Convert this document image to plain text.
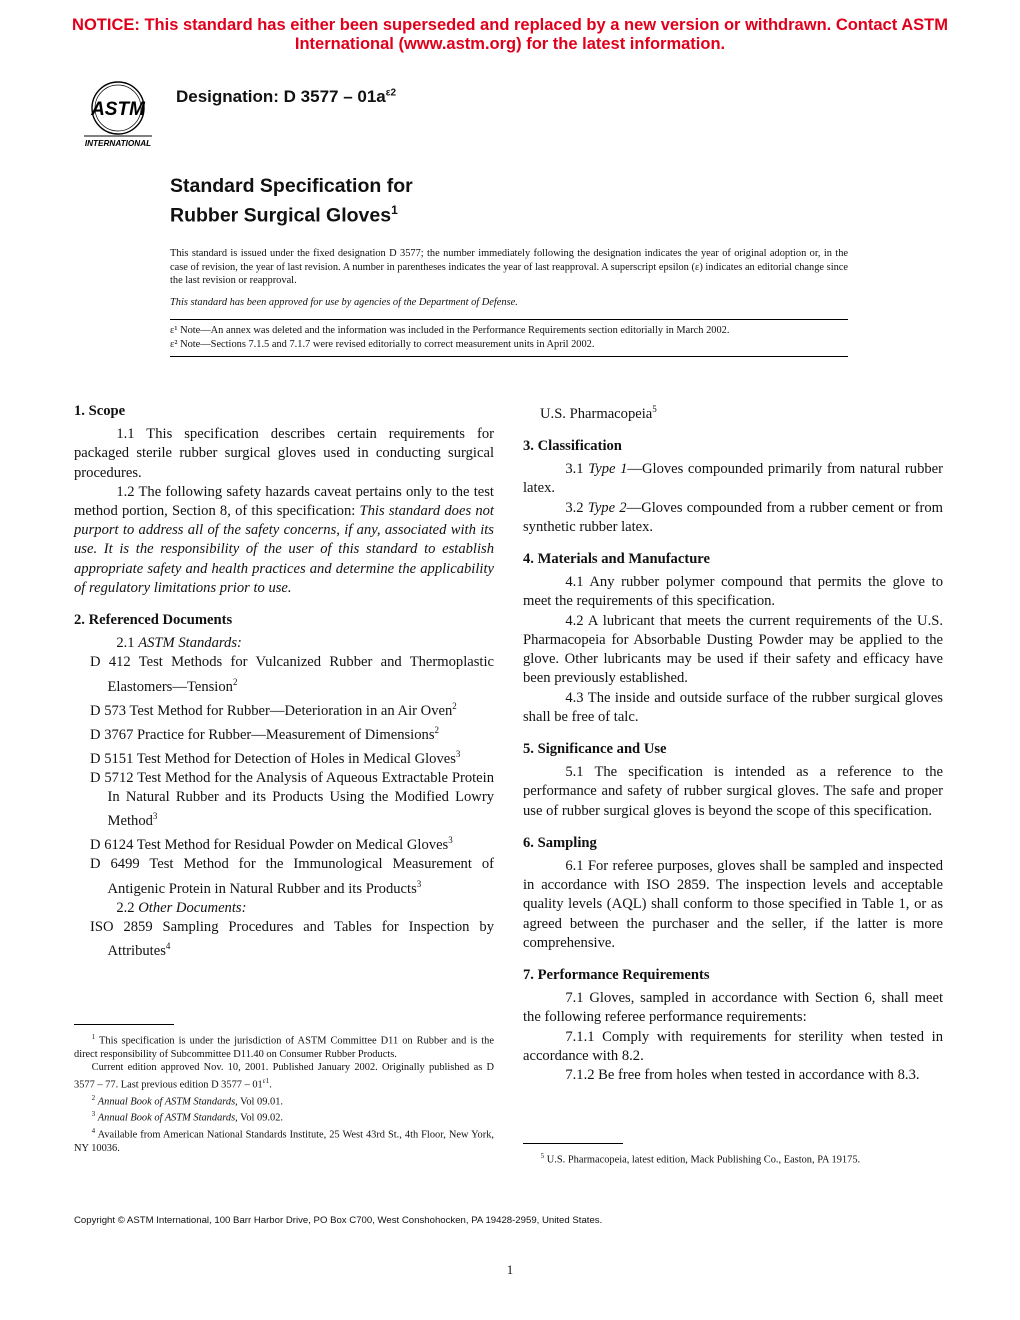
NOTICE: This standard has either been superseded and replaced by a new version or withdrawn. Contact ASTM
International (www.astm.org) for the latest information.
ASTM
INTERNATIONAL
Designation: D $3577 - 01a^{\varepsilon 2}$
Standard Specification for
Rubber Surgical Gloves$^1$

This standard is issued under the fixed designation D 3577; the number immediately following the designation indicates the year of original adoption or, in the case of revision, the year of last revision. A number in parentheses indicates the year of last reapproval. A superscript epsilon (ε) indicates an editorial change since the last revision or reapproval.

This standard has been approved for use by agencies of the Department of Defense.

ε¹ Note—An annex was deleted and the information was included in the Performance Requirements section editorially in March 2002.

ε² Note—Sections 7.1.5 and 7.1.7 were revised editorially to correct measurement units in April 2002.

1. Scope

1.1 This specification describes certain requirements for packaged sterile rubber surgical gloves used in conducting surgical procedures.

1.2 The following safety hazards caveat pertains only to the test method portion, Section 8, of this specification: This standard does not purport to address all of the safety concerns, if any, associated with its use. It is the responsibility of the user of this standard to establish appropriate safety and health practices and determine the applicability of regulatory limitations prior to use.

2. Referenced Documents

2.1 ASTM Standards:

D 412 Test Methods for Vulcanized Rubber and Thermoplastic Elastomers—Tension$^2$

D 573 Test Method for Rubber—Deterioration in an Air Oven$^2$

D 3767 Practice for Rubber—Measurement of Dimensions$^2$

D 5151 Test Method for Detection of Holes in Medical Gloves$^3$

D 5712 Test Method for the Analysis of Aqueous Extractable Protein In Natural Rubber and its Products Using the Modified Lowry Method$^3$

D 6124 Test Method for Residual Powder on Medical Gloves$^3$

D 6499 Test Method for the Immunological Measurement of Antigenic Protein in Natural Rubber and its Products$^3$

2.2 Other Documents:

ISO 2859 Sampling Procedures and Tables for Inspection by Attributes$^4$

U.S. Pharmacopeia$^5$

3. Classification

3.1 Type 1—Gloves compounded primarily from natural rubber latex.

3.2 Type 2—Gloves compounded from a rubber cement or from synthetic rubber latex.

4. Materials and Manufacture

4.1 Any rubber polymer compound that permits the glove to meet the requirements of this specification.

4.2 A lubricant that meets the current requirements of the U.S. Pharmacopeia for Absorbable Dusting Powder may be applied to the glove. Other lubricants may be used if their safety and efficacy have been previously established.

4.3 The inside and outside surface of the rubber surgical gloves shall be free of talc.

5. Significance and Use

5.1 The specification is intended as a reference to the performance and safety of rubber surgical gloves. The safe and proper use of rubber surgical gloves is beyond the scope of this specification.

6. Sampling

6.1 For referee purposes, gloves shall be sampled and inspected in accordance with ISO 2859. The inspection levels and acceptable quality levels (AQL) shall conform to those specified in Table 1, or as agreed between the purchaser and the seller, if the latter is more comprehensive.

7. Performance Requirements

7.1 Gloves, sampled in accordance with Section 6, shall meet the following referee performance requirements:

7.1.1 Comply with requirements for sterility when tested in accordance with 8.2.

7.1.2 Be free from holes when tested in accordance with 8.3.

$^1$ This specification is under the jurisdiction of ASTM Committee D11 on Rubber and is the direct responsibility of Subcommittee D11.40 on Consumer Rubber Products.

Current edition approved Nov. 10, 2001. Published January 2002. Originally published as D 3577 – 77. Last previous edition D $3577 - 01^{\varepsilon 1}$.

$^2$ Annual Book of ASTM Standards, Vol 09.01.

$^3$ Annual Book of ASTM Standards, Vol 09.02.

$^4$ Available from American National Standards Institute, 25 West 43rd St., 4th Floor, New York, NY 10036.

$^5$ U.S. Pharmacopeia, latest edition, Mack Publishing Co., Easton, PA 19175.

Copyright © ASTM International, 100 Barr Harbor Drive, PO Box C700, West Conshohocken, PA 19428-2959, United States.
1
